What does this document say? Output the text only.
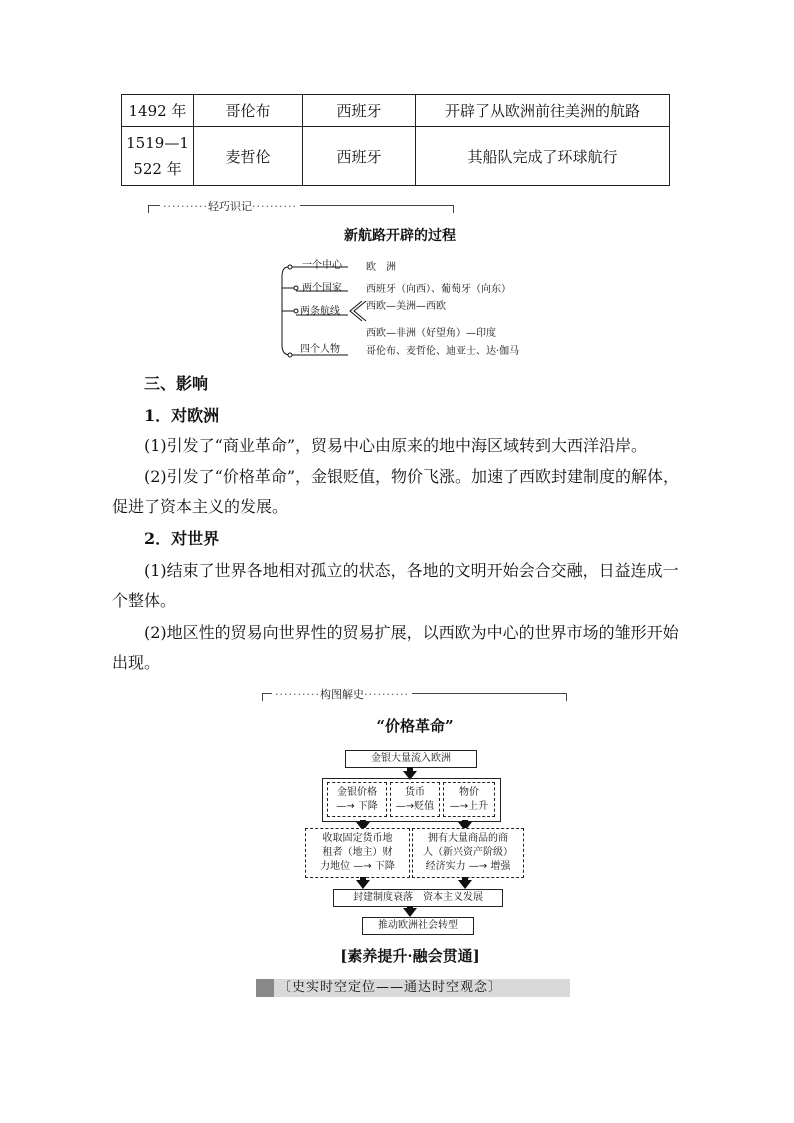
1492 年	哥伦布	西班牙	开辟了从欧洲前往美洲的航路

1519—1
522 年	麦哲伦	西班牙	其船队完成了环球航行
··········轻巧识记··········
新航路开辟的过程
一个中心 欧　洲
两个国家 西班牙（向西）、葡萄牙（向东）
两条航线	西欧—美洲—西欧
西欧—非洲（好望角）—印度
四个人物	哥伦布、麦哲伦、迪亚士、达·伽马
三、影响
1．对欧洲
(1)引发了“商业革命”，贸易中心由原来的地中海区域转到大西洋沿岸。
(2)引发了“价格革命”，金银贬值，物价飞涨。加速了西欧封建制度的解体，促进了资本主义的发展。
2．对世界
(1)结束了世界各地相对孤立的状态，各地的文明开始会合交融，日益连成一个整体。
(2)地区性的贸易向世界性的贸易扩展，以西欧为中心的世界市场的雏形开始出现。
··········构图解史··········
“价格革命”
金银大量流入欧洲
金银价格
—→ 下降
货币
—→贬值
物价
—→上升
收取固定货币地
租者（地主）财
力地位 —→ 下降
拥有大量商品的商
人（新兴资产阶级）
经济实力 —→ 增强
封建制度衰落　资本主义发展
推动欧洲社会转型
[素养提升·融会贯通]
〔史实时空定位——通达时空观念〕
